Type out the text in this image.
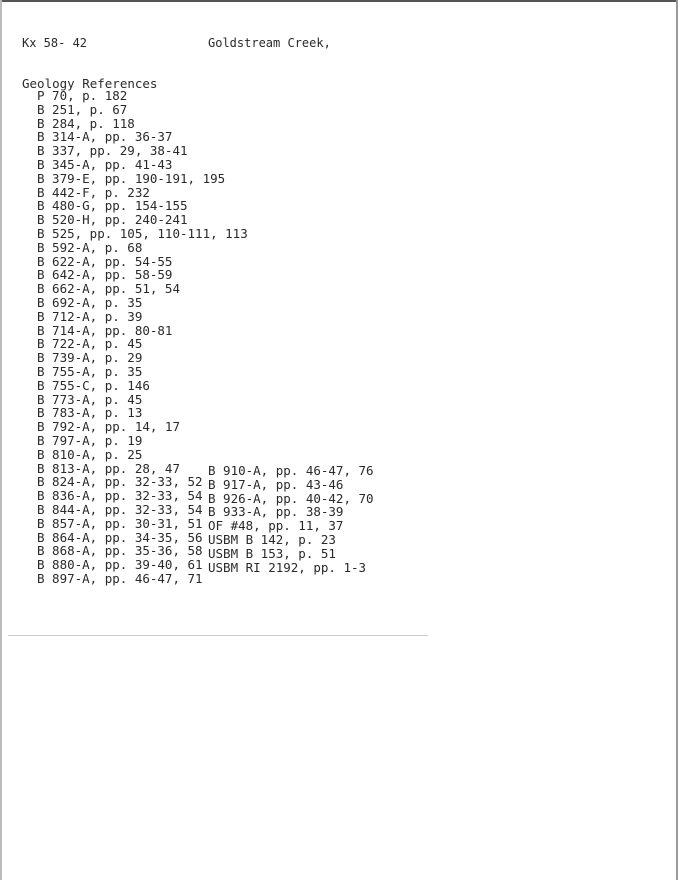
Kx 58- 42	Goldstream Creek,
Geology References
P 70, p. 182
B 251, p. 67
B 284, p. 118
B 314-A, pp. 36-37
B 337, pp. 29, 38-41
B 345-A, pp. 41-43
B 379-E, pp. 190-191, 195
B 442-F, p. 232
B 480-G, pp. 154-155
B 520-H, pp. 240-241
B 525, pp. 105, 110-111, 113
B 592-A, p. 68
B 622-A, pp. 54-55
B 642-A, pp. 58-59
B 662-A, pp. 51, 54
B 692-A, p. 35
B 712-A, p. 39
B 714-A, pp. 80-81
B 722-A, p. 45
B 739-A, p. 29
B 755-A, p. 35
B 755-C, p. 146
B 773-A, p. 45
B 783-A, p. 13
B 792-A, pp. 14, 17
B 797-A, p. 19
B 810-A, p. 25
B 813-A, pp. 28, 47
B 824-A, pp. 32-33, 52
B 836-A, pp. 32-33, 54
B 844-A, pp. 32-33, 54
B 857-A, pp. 30-31, 51
B 864-A, pp. 34-35, 56
B 868-A, pp. 35-36, 58
B 880-A, pp. 39-40, 61
B 897-A, pp. 46-47, 71
B 910-A, pp. 46-47, 76
B 917-A, pp. 43-46
B 926-A, pp. 40-42, 70
B 933-A, pp. 38-39
OF #48, pp. 11, 37
USBM B 142, p. 23
USBM B 153, p. 51
USBM RI 2192, pp. 1-3
